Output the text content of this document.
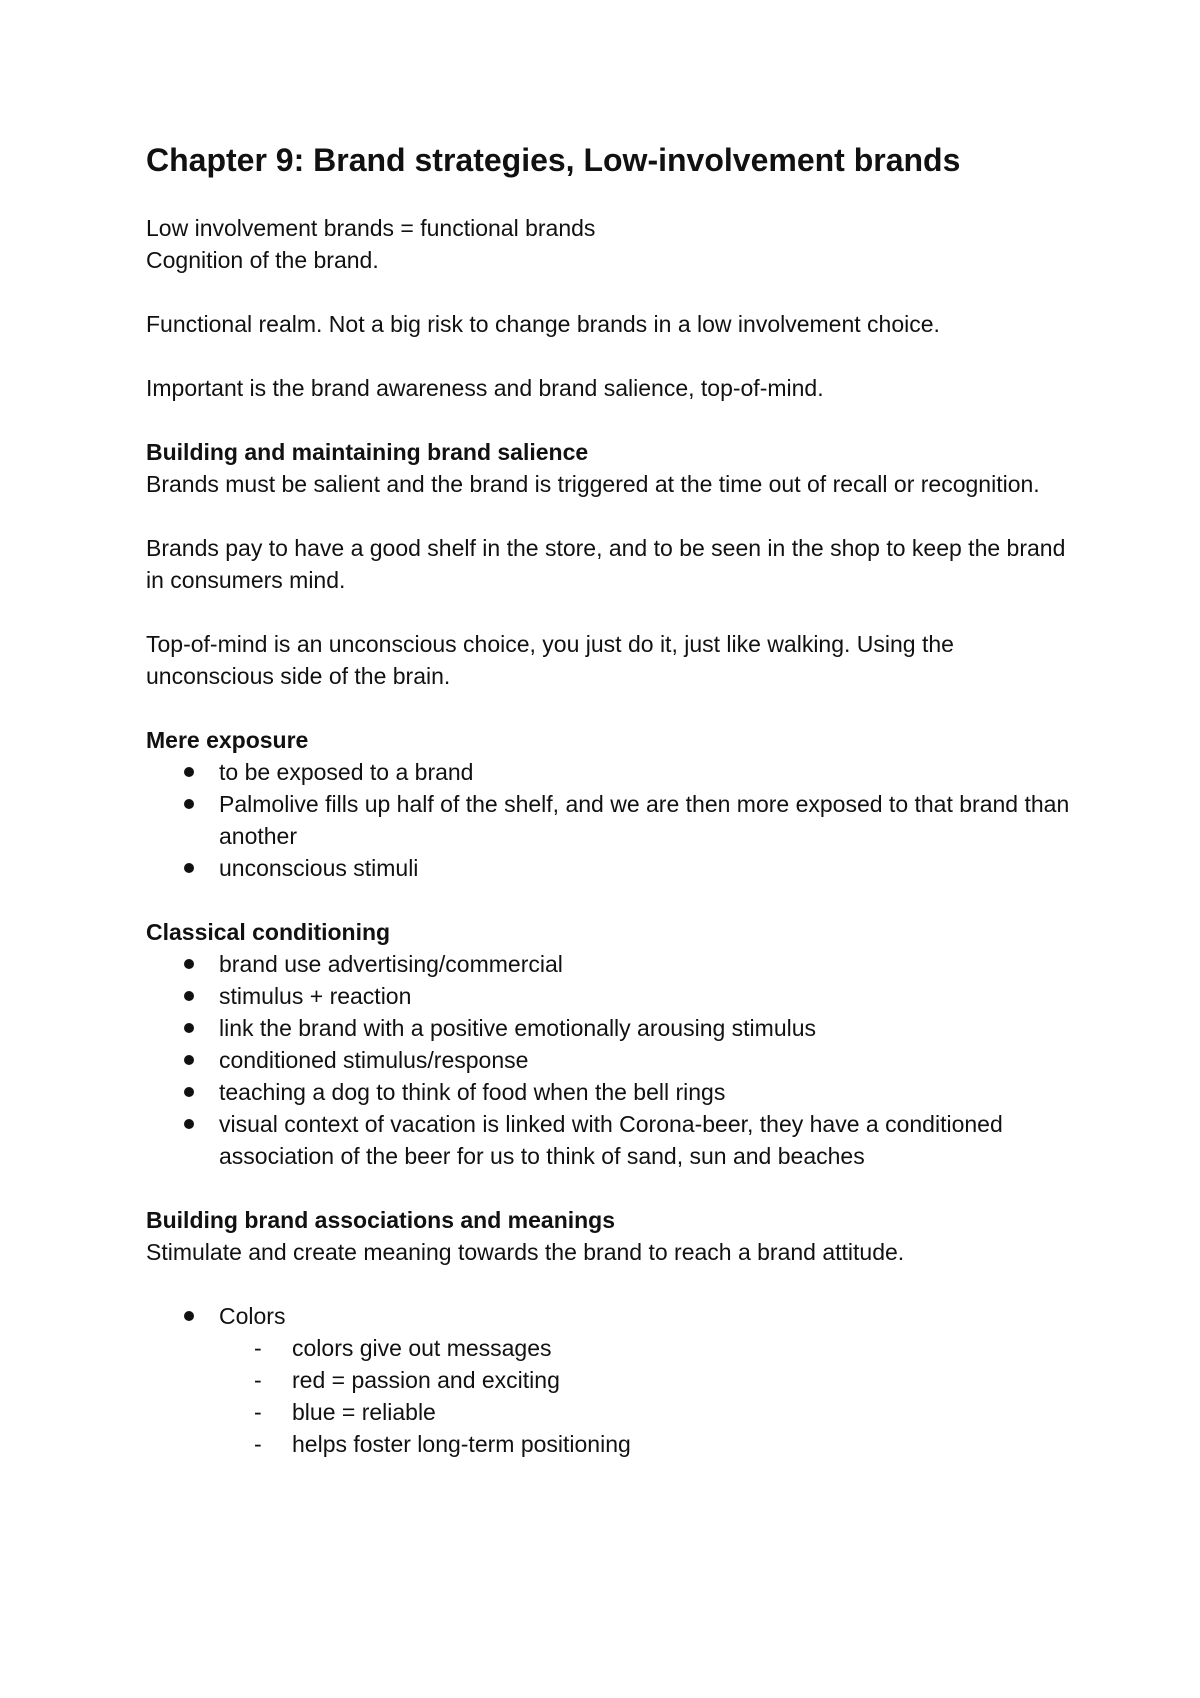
Chapter 9: Brand strategies, Low-involvement brands

Low involvement brands = functional brands

Cognition of the brand.

Functional realm. Not a big risk to change brands in a low involvement choice.

Important is the brand awareness and brand salience, top-of-mind.

Building and maintaining brand salience

Brands must be salient and the brand is triggered at the time out of recall or recognition.

Brands pay to have a good shelf in the store, and to be seen in the shop to keep the brand in consumers mind.

Top-of-mind is an unconscious choice, you just do it, just like walking. Using the unconscious side of the brain.

Mere exposure

to be exposed to a brand
Palmolive fills up half of the shelf, and we are then more exposed to that brand than another
unconscious stimuli

Classical conditioning

brand use advertising/commercial
stimulus + reaction
link the brand with a positive emotionally arousing stimulus
conditioned stimulus/response
teaching a dog to think of food when the bell rings
visual context of vacation is linked with Corona-beer, they have a conditioned association of the beer for us to think of sand, sun and beaches

Building brand associations and meanings

Stimulate and create meaning towards the brand to reach a brand attitude.

Colors
- colors give out messages
- red = passion and exciting
- blue = reliable
- helps foster long-term positioning
